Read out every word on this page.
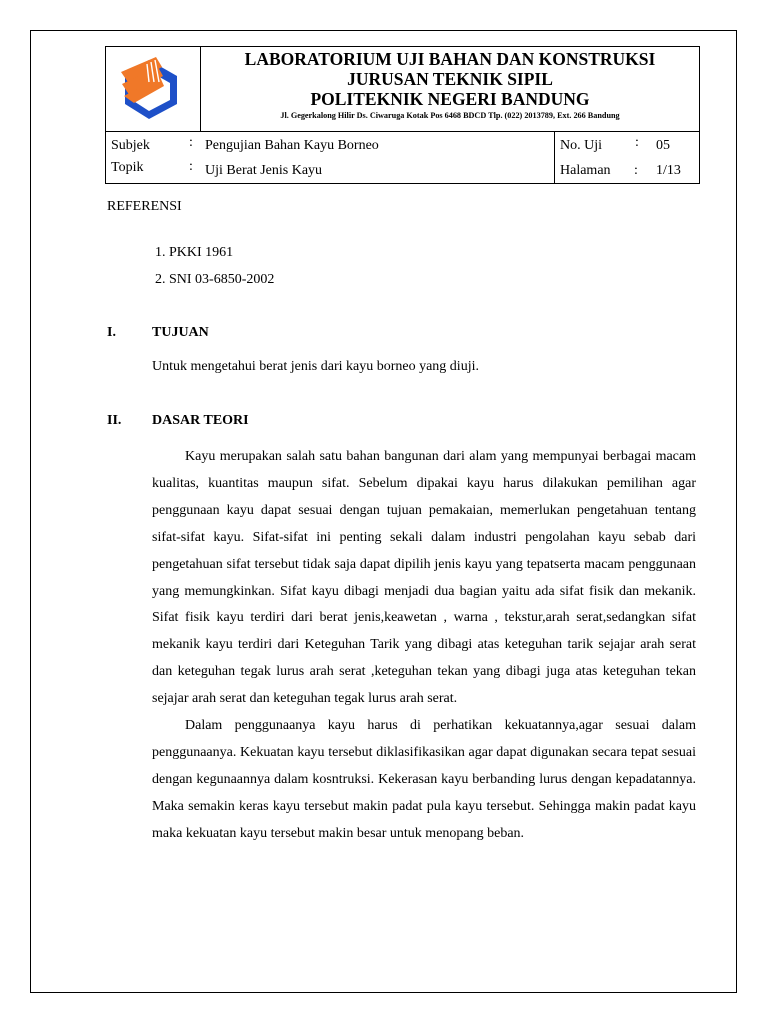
LABORATORIUM UJI BAHAN DAN KONSTRUKSI
JURUSAN TEKNIK SIPIL
POLITEKNIK NEGERI BANDUNG
Jl. Gegerkalong Hilir Ds. Ciwaruga Kotak Pos 6468 BDCD Tlp. (022) 2013789, Ext. 266 Bandung
Subjek	: Pengujian Bahan Kayu Borneo
Topik	: Uji Berat Jenis Kayu
No. Uji : 05
Halaman : 1/13
REFERENSI
1. PKKI 1961
2. SNI 03-6850-2002
I.	TUJUAN
Untuk mengetahui berat jenis dari kayu borneo yang diuji.
II. DASAR TEORI

Kayu merupakan salah satu bahan bangunan dari alam yang mempunyai berbagai macam kualitas, kuantitas maupun sifat. Sebelum dipakai kayu harus dilakukan pemilihan agar penggunaan kayu dapat sesuai dengan tujuan pemakaian, memerlukan pengetahuan tentang sifat-sifat kayu. Sifat-sifat ini penting sekali dalam industri pengolahan kayu sebab dari pengetahuan sifat tersebut tidak saja dapat dipilih jenis kayu yang tepatserta macam penggunaan yang memungkinkan. Sifat kayu dibagi menjadi dua bagian yaitu ada sifat fisik dan mekanik. Sifat fisik kayu terdiri dari berat jenis,keawetan , warna , tekstur,arah serat,sedangkan sifat mekanik kayu terdiri dari Keteguhan Tarik yang dibagi atas keteguhan tarik sejajar arah serat dan keteguhan tegak lurus arah serat ,keteguhan tekan yang dibagi juga atas keteguhan tekan sejajar arah serat dan keteguhan tegak lurus arah serat.

Dalam penggunaanya kayu harus di perhatikan kekuatannya,agar sesuai dalam penggunaanya. Kekuatan kayu tersebut diklasifikasikan agar dapat digunakan secara tepat sesuai dengan kegunaannya dalam kosntruksi. Kekerasan kayu berbanding lurus dengan kepadatannya. Maka semakin keras kayu tersebut makin padat pula kayu tersebut. Sehingga makin padat kayu maka kekuatan kayu tersebut makin besar untuk menopang beban.
